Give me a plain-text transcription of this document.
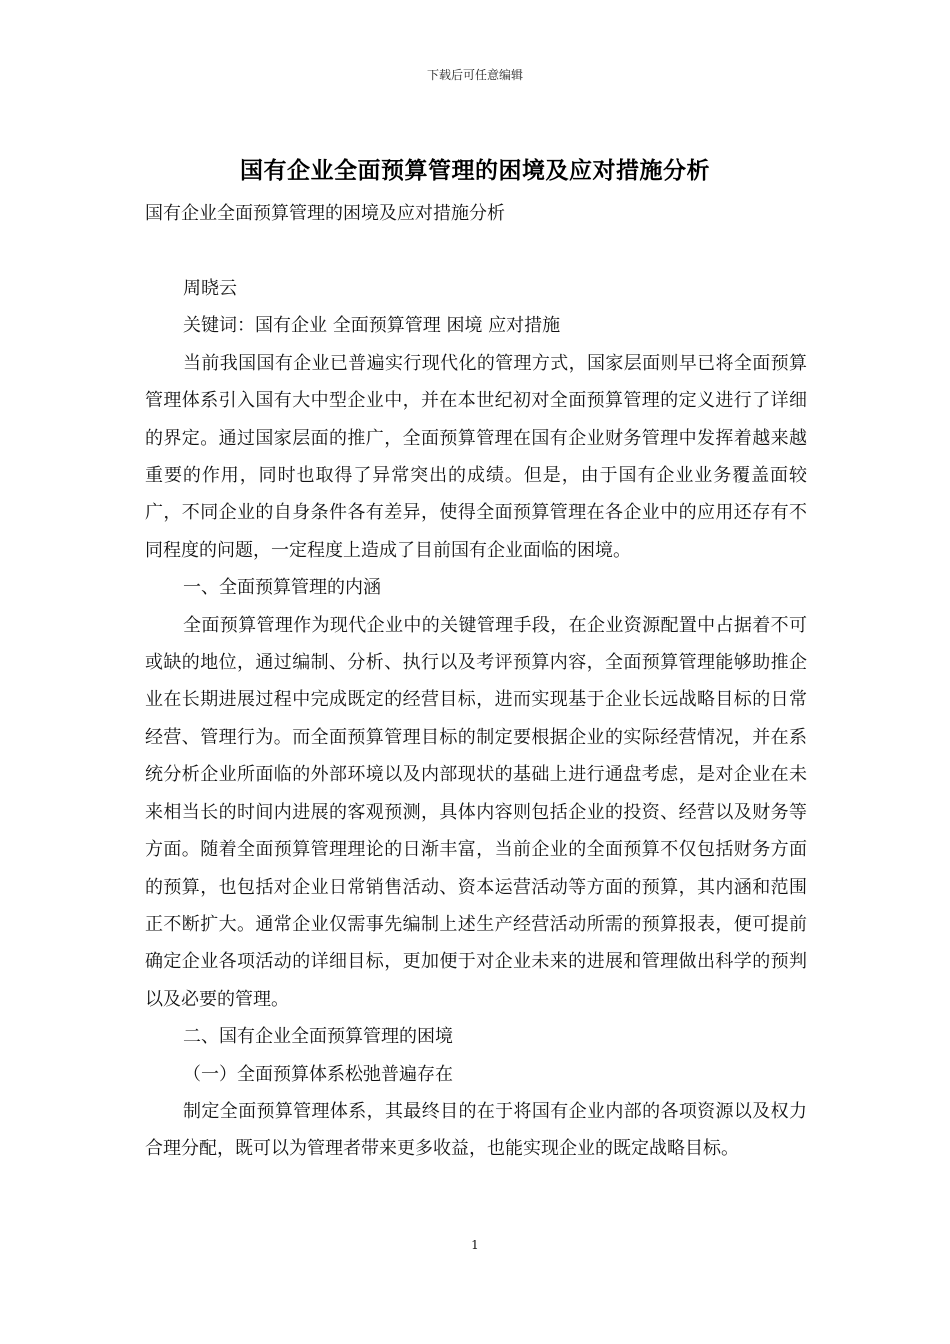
下载后可任意编辑
国有企业全面预算管理的困境及应对措施分析
国有企业全面预算管理的困境及应对措施分析

周晓云

关键词：国有企业 全面预算管理 困境 应对措施

当前我国国有企业已普遍实行现代化的管理方式，国家层面则早已将全面预算管理体系引入国有大中型企业中，并在本世纪初对全面预算管理的定义进行了详细的界定。通过国家层面的推广，全面预算管理在国有企业财务管理中发挥着越来越重要的作用，同时也取得了异常突出的成绩。但是，由于国有企业业务覆盖面较广，不同企业的自身条件各有差异，使得全面预算管理在各企业中的应用还存有不同程度的问题，一定程度上造成了目前国有企业面临的困境。

一、全面预算管理的内涵

全面预算管理作为现代企业中的关键管理手段，在企业资源配置中占据着不可或缺的地位，通过编制、分析、执行以及考评预算内容，全面预算管理能够助推企业在长期进展过程中完成既定的经营目标，进而实现基于企业长远战略目标的日常经营、管理行为。而全面预算管理目标的制定要根据企业的实际经营情况，并在系统分析企业所面临的外部环境以及内部现状的基础上进行通盘考虑，是对企业在未来相当长的时间内进展的客观预测，具体内容则包括企业的投资、经营以及财务等方面。随着全面预算管理理论的日渐丰富，当前企业的全面预算不仅包括财务方面的预算，也包括对企业日常销售活动、资本运营活动等方面的预算，其内涵和范围正不断扩大。通常企业仅需事先编制上述生产经营活动所需的预算报表，便可提前确定企业各项活动的详细目标，更加便于对企业未来的进展和管理做出科学的预判以及必要的管理。

二、国有企业全面预算管理的困境

（一）全面预算体系松弛普遍存在

制定全面预算管理体系，其最终目的在于将国有企业内部的各项资源以及权力合理分配，既可以为管理者带来更多收益，也能实现企业的既定战略目标。

1
